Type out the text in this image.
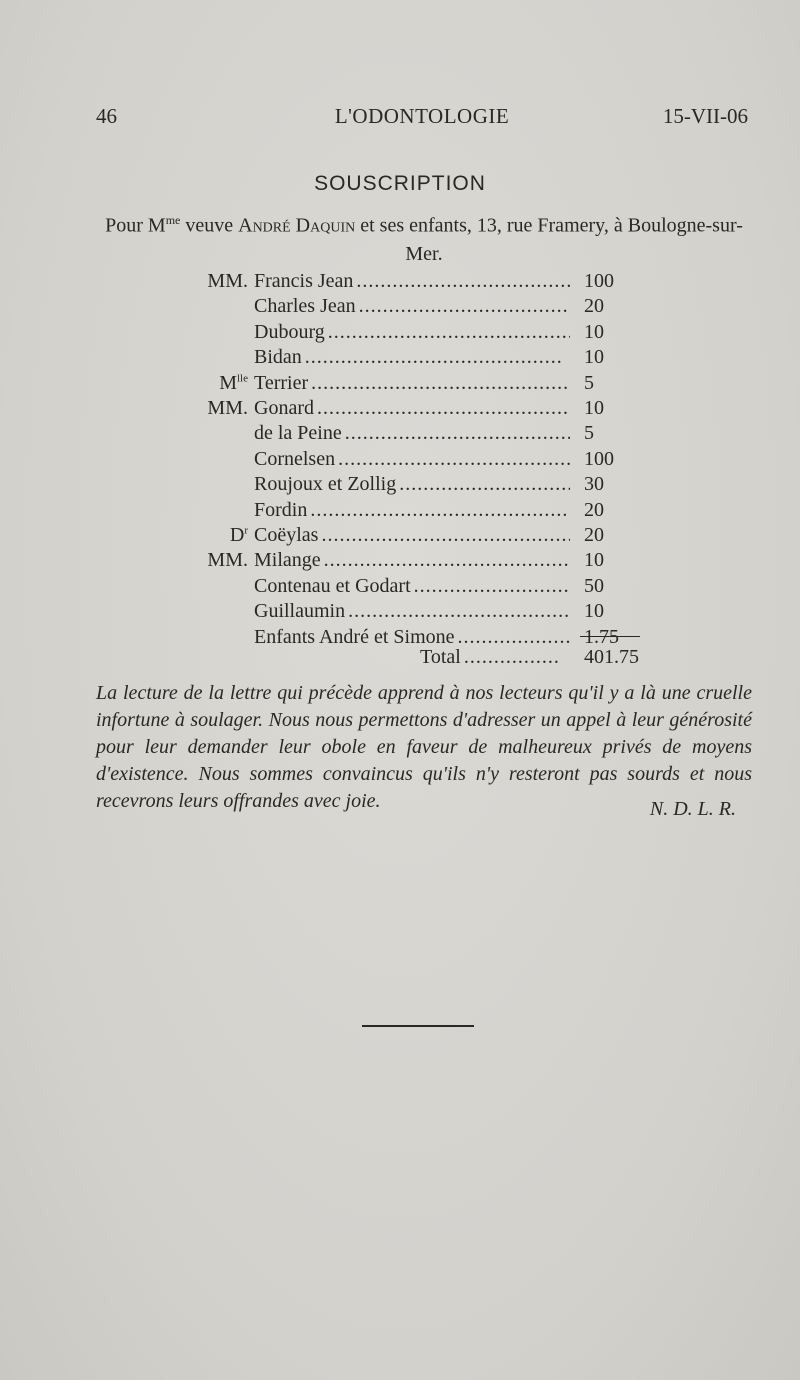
46	L'ODONTOLOGIE	15-VII-06
SOUSCRIPTION
Pour $M^{me}$ veuve André Daquin et ses enfants, 13, rue Framery, à Boulogne-sur-Mer.
MM. Francis Jean . . .	100
Charles Jean . . .	20
Dubourg . . .	10
Bidan . . .	10
$M^{lle}$ Terrier . . .	5
MM. Gonard . . .	10
de la Peine . . .	5
Cornelsen . . .	100
Roujoux et Zollig . . .	30
Fordin . . .	20
$D^r$ Coëylas . . .	20
MM. Milange . . .	10
Contenau et Godart . . .	50
Guillaumin . . .	10
Enfants André et Simone . . .	1.75
Total . . .	401.75
La lecture de la lettre qui précède apprend à nos lecteurs qu'il y a là une cruelle infortune à soulager. Nous nous permettons d'adresser un appel à leur générosité pour leur demander leur obole en faveur de malheureux privés de moyens d'existence. Nous sommes convaincus qu'ils n'y resteront pas sourds et nous recevrons leurs offrandes avec joie.	N. D. L. R.
